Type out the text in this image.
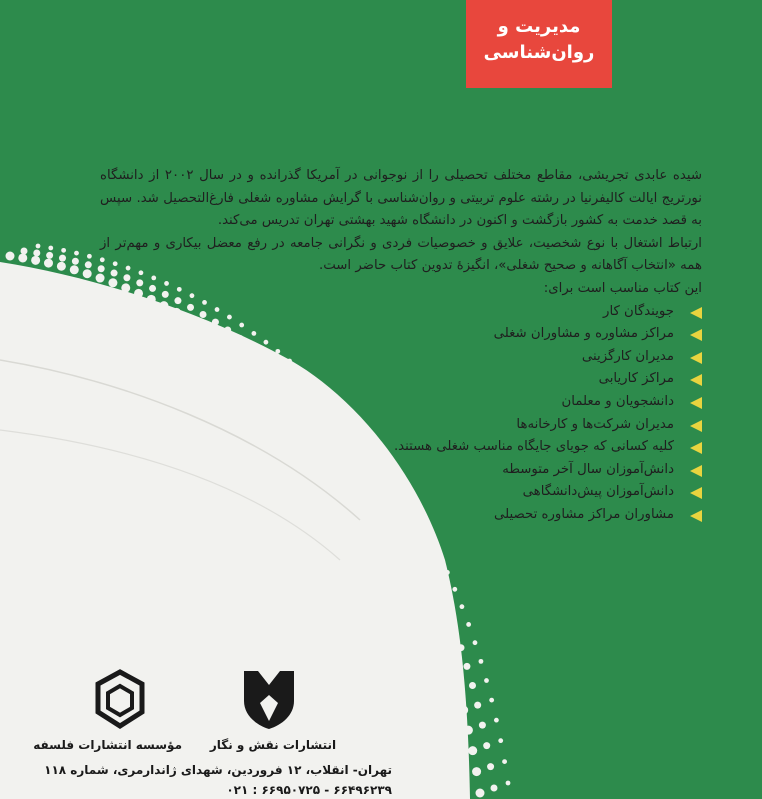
مدیریت و
روان‌شناسی

شیده عابدی تجریشی، مقاطع مختلف تحصیلی را از نوجوانی در آمریکا گذرانده و در سال ۲۰۰۲ از دانشگاه نورتریج ایالت کالیفرنیا در رشته علوم تربیتی و روان‌شناسی با گرایش مشاوره شغلی فارغ‌التحصیل شد. سپس به قصد خدمت به کشور بازگشت و اکنون در دانشگاه شهید بهشتی تهران تدریس می‌کند.

ارتباط اشتغال با نوع شخصیت، علایق و خصوصیات فردی و نگرانی جامعه در رفع معضل بیکاری و مهم‌تر از همه «انتخاب آگاهانه و صحیح شغلی»، انگیزهٔ تدوین کتاب حاضر است.

این کتاب مناسب است برای:

جویندگان کار
مراکز مشاوره و مشاوران شغلی
مدیران کارگزینی
مراکز کاریابی
دانشجویان و معلمان
مدیران شرکت‌ها و کارخانه‌ها
کلیه کسانی که جویای جایگاه مناسب شغلی هستند.
دانش‌آموزان سال آخر متوسطه
دانش‌آموزان پیش‌دانشگاهی
مشاوران مراکز مشاوره تحصیلی
مؤسسه انتشارات فلسفه انتشارات نقش و نگار
تهران- انقلاب، ۱۲ فروردین، شهدای ژاندارمری، شماره ۱۱۸
۶۶۴۹۶۲۳۹ - ۶۶۹۵۰۷۲۵ : ۰۲۱
